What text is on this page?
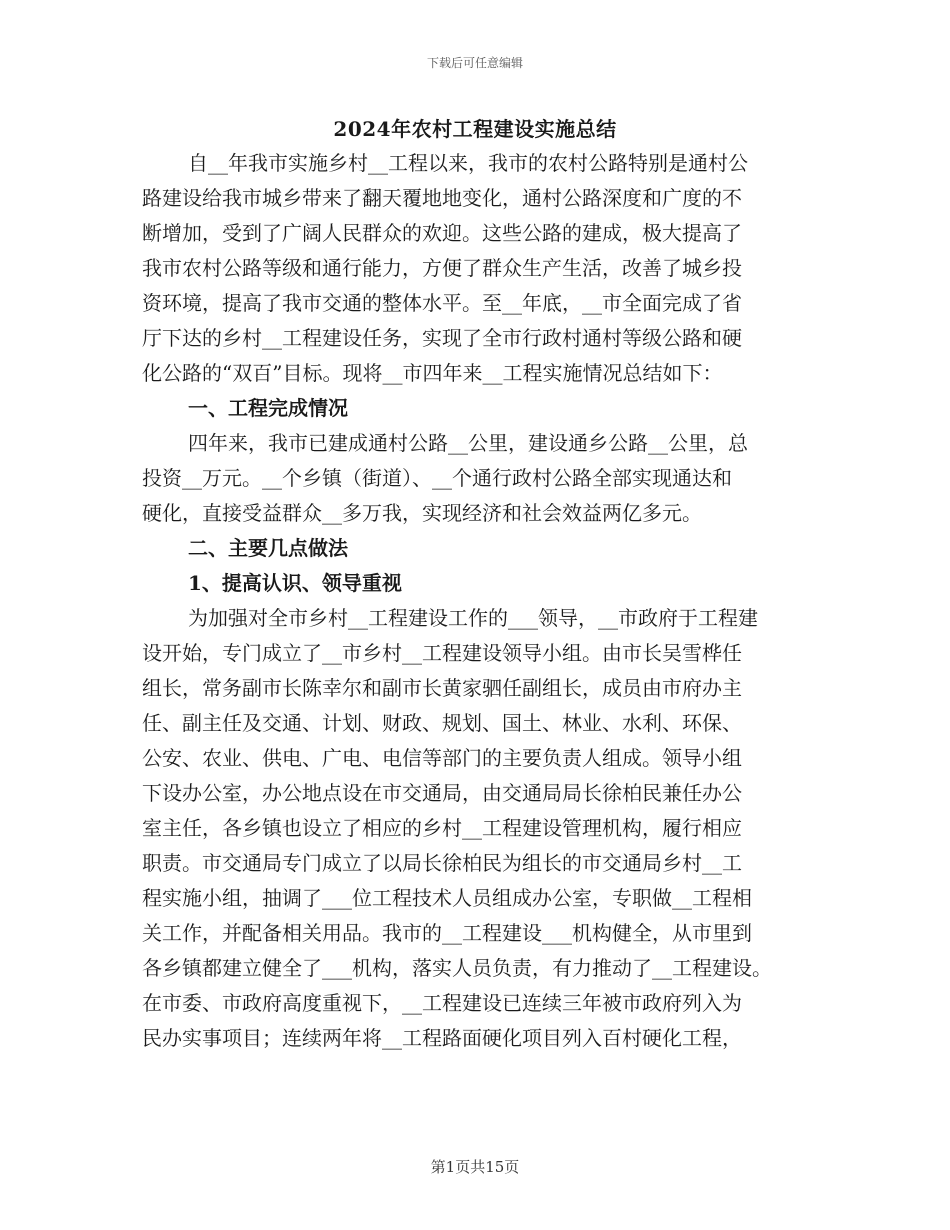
下载后可任意编辑
2024年农村工程建设实施总结
自__年我市实施乡村__工程以来，我市的农村公路特别是通村公
路建设给我市城乡带来了翻天覆地地变化，通村公路深度和广度的不
断增加，受到了广阔人民群众的欢迎。这些公路的建成，极大提高了
我市农村公路等级和通行能力，方便了群众生产生活，改善了城乡投
资环境，提高了我市交通的整体水平。至__年底，__市全面完成了省
厅下达的乡村__工程建设任务，实现了全市行政村通村等级公路和硬
化公路的“双百”目标。现将__市四年来__工程实施情况总结如下：
一、工程完成情况
四年来，我市已建成通村公路__公里，建设通乡公路__公里，总
投资__万元。__个乡镇（街道）、__个通行政村公路全部实现通达和
硬化，直接受益群众__多万我，实现经济和社会效益两亿多元。
二、主要几点做法
1、提高认识、领导重视
为加强对全市乡村__工程建设工作的___领导，__市政府于工程建
设开始，专门成立了__市乡村__工程建设领导小组。由市长吴雪桦任
组长，常务副市长陈幸尔和副市长黄家驷任副组长，成员由市府办主
任、副主任及交通、计划、财政、规划、国土、林业、水利、环保、
公安、农业、供电、广电、电信等部门的主要负责人组成。领导小组
下设办公室，办公地点设在市交通局，由交通局局长徐柏民兼任办公
室主任，各乡镇也设立了相应的乡村__工程建设管理机构，履行相应
职责。市交通局专门成立了以局长徐柏民为组长的市交通局乡村__工
程实施小组，抽调了___位工程技术人员组成办公室，专职做__工程相
关工作，并配备相关用品。我市的__工程建设___机构健全，从市里到
各乡镇都建立健全了___机构，落实人员负责，有力推动了__工程建设。
在市委、市政府高度重视下，__工程建设已连续三年被市政府列入为
民办实事项目；连续两年将__工程路面硬化项目列入百村硬化工程，
第1页共15页
